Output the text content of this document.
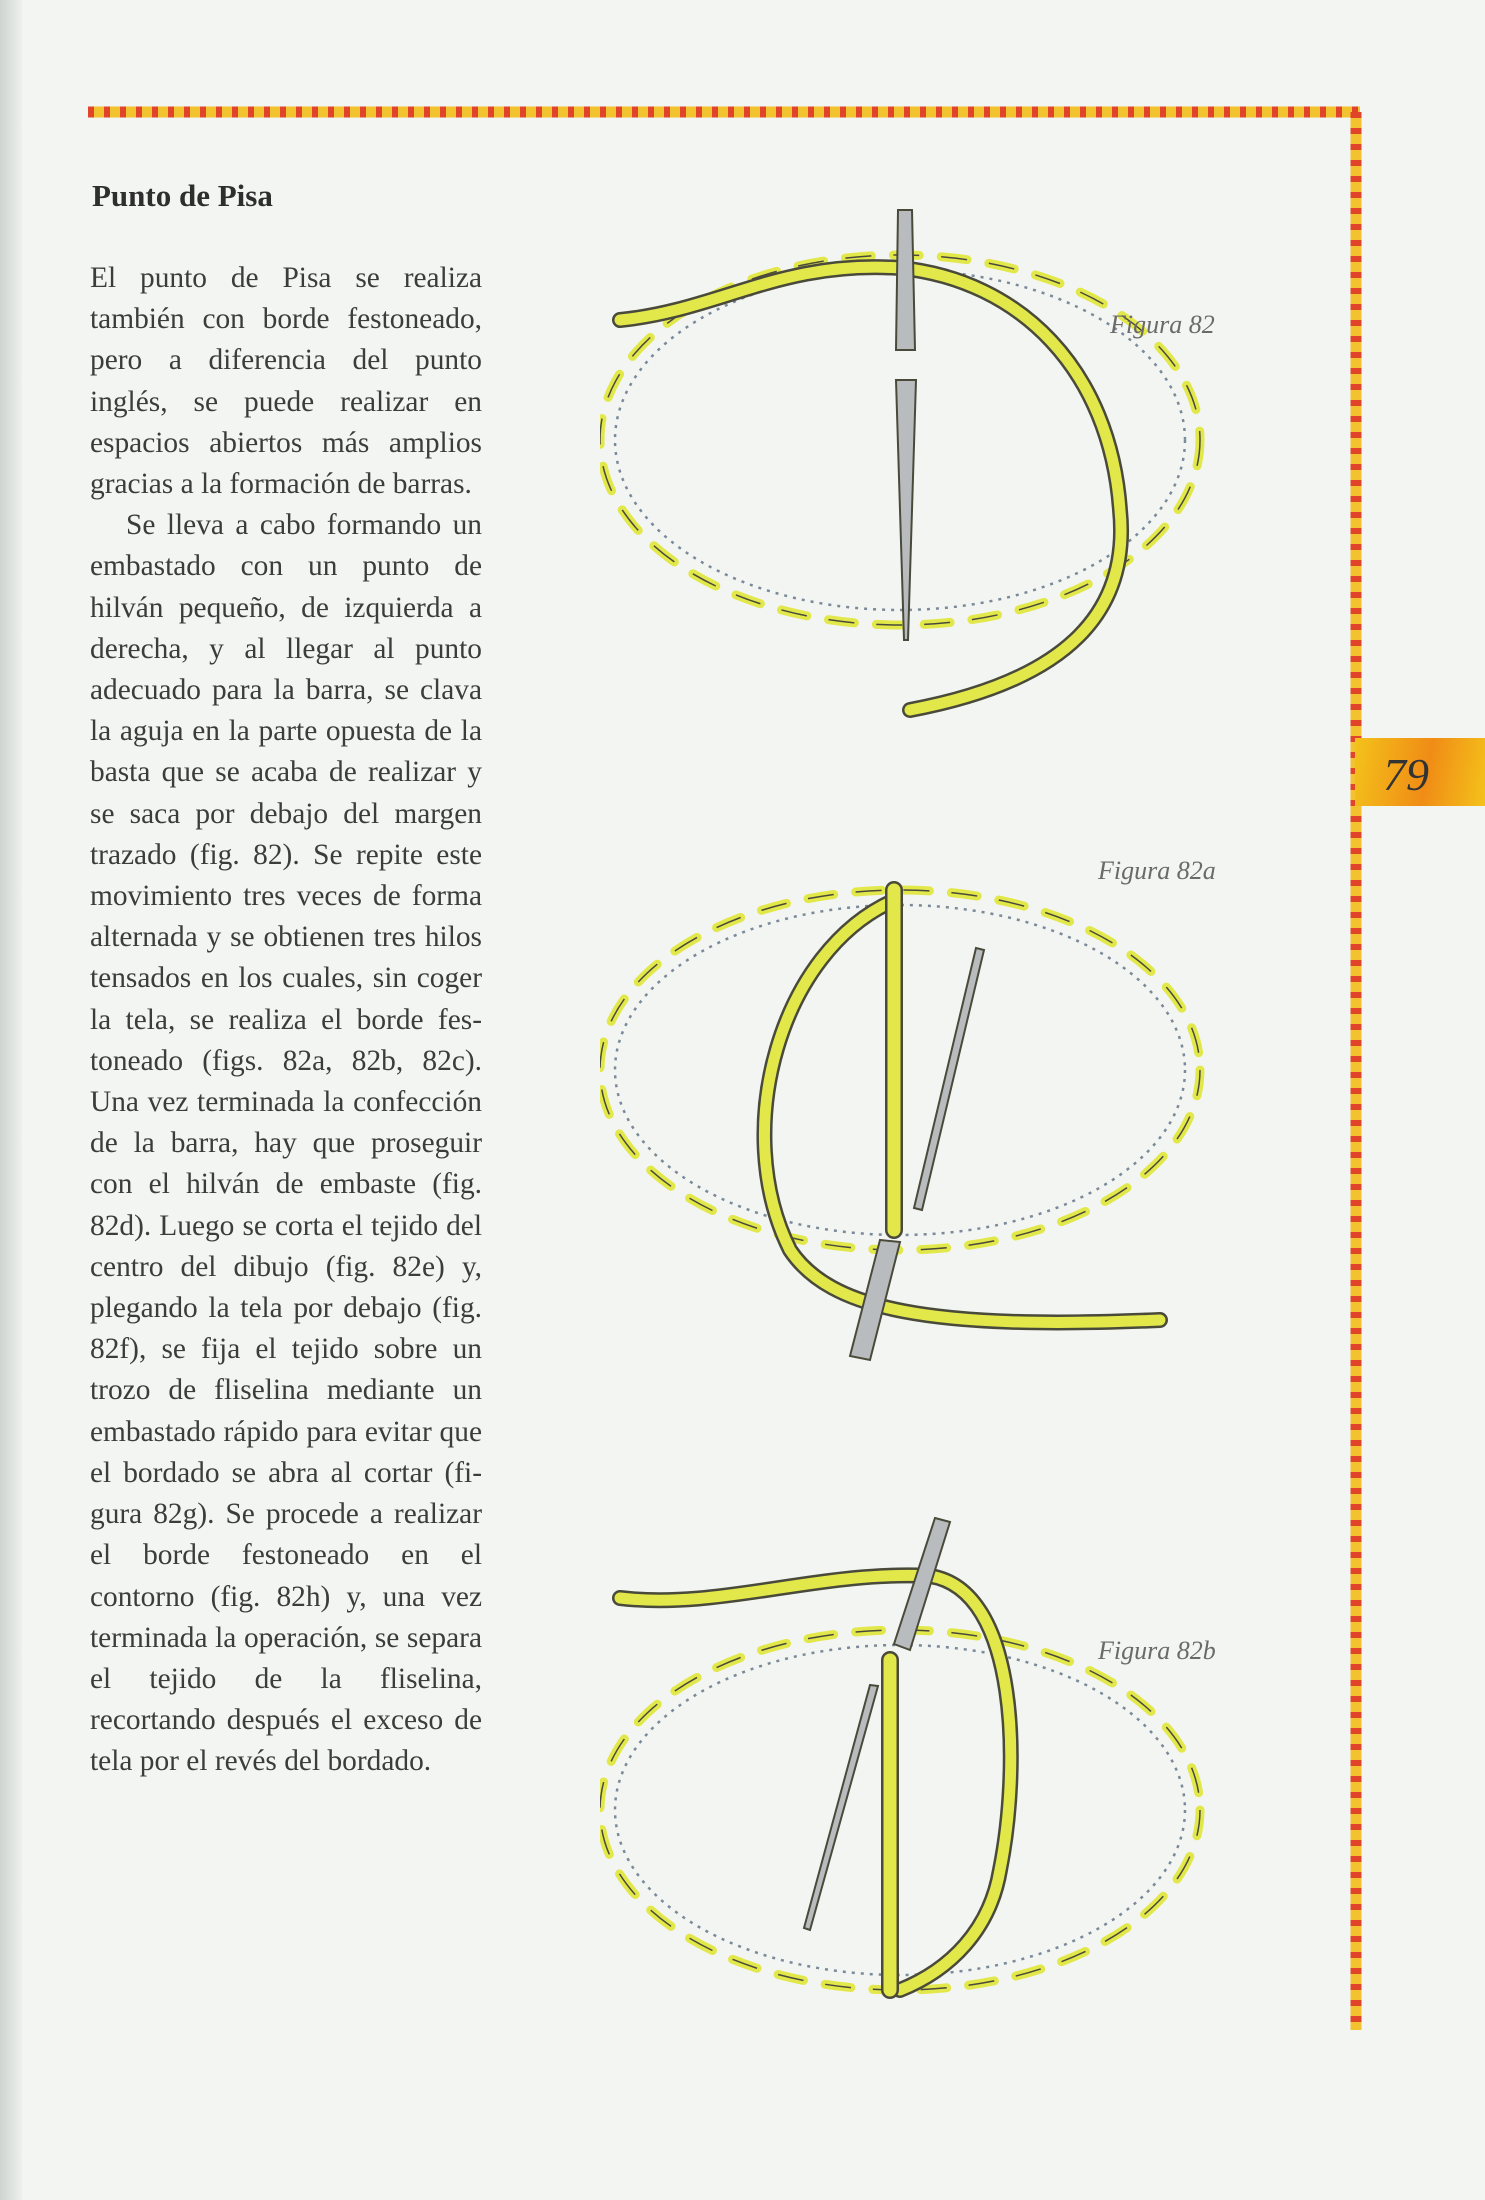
79
Punto de Pisa

El punto de Pisa se realiza también con borde festoneado, pero a diferencia del punto inglés, se puede realizar en espacios abiertos más amplios gracias a la formación de barras.

Se lleva a cabo formando un embastado con un punto de hilván pequeño, de izquierda a derecha, y al llegar al punto adecuado para la barra, se clava la aguja en la parte opuesta de la basta que se acaba de realizar y se saca por debajo del margen trazado (fig. 82). Se repite este movimiento tres veces de forma alternada y se obtienen tres hilos tensados en los cuales, sin coger la tela, se realiza el borde festoneado (figs. 82a, 82b, 82c). Una vez terminada la confección de la barra, hay que proseguir con el hilván de embaste (fig. 82d). Luego se corta el tejido del centro del dibujo (fig. 82e) y, plegando la tela por debajo (fig. 82f), se fija el tejido sobre un trozo de fliselina mediante un embastado rápido para evitar que el bordado se abra al cortar (figura 82g). Se procede a realizar el borde festoneado en el contorno (fig. 82h) y, una vez terminada la operación, se separa el tejido de la fliselina, recortando después el exceso de tela por el revés del bordado.

Figura 82
Figura 82a
Figura 82b
